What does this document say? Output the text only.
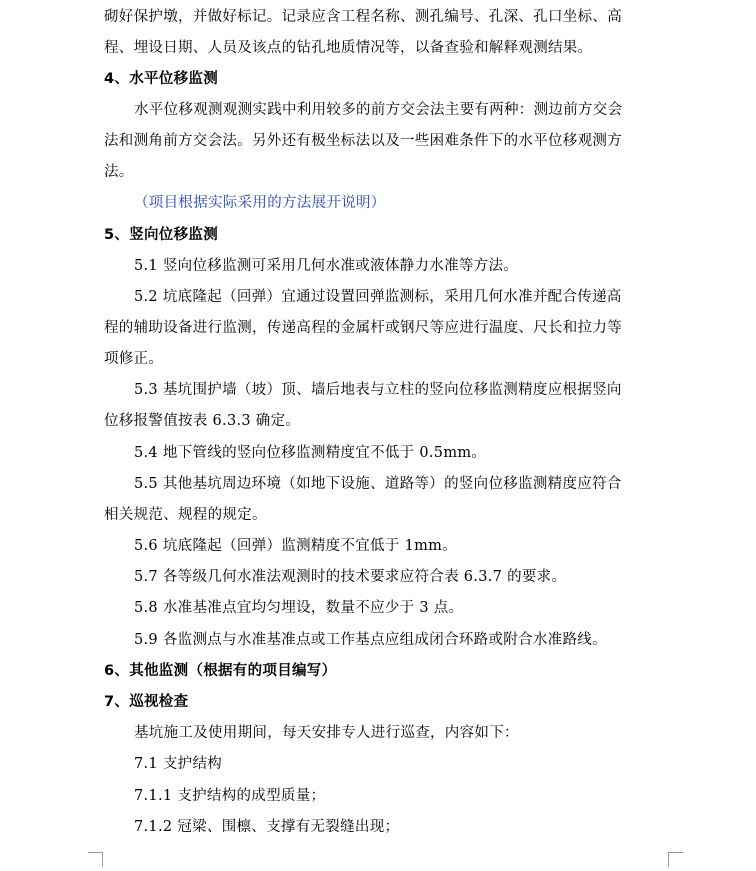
砌好保护墩，并做好标记。记录应含工程名称、测孔编号、孔深、孔口坐标、高
程、埋设日期、人员及该点的钻孔地质情况等，以备查验和解释观测结果。
4、水平位移监测
水平位移观测观测实践中利用较多的前方交会法主要有两种：测边前方交会
法和测角前方交会法。另外还有极坐标法以及一些困难条件下的水平位移观测方
法。
（项目根据实际采用的方法展开说明）
5、竖向位移监测
5.1 竖向位移监测可采用几何水准或液体静力水准等方法。
5.2 坑底隆起（回弹）宜通过设置回弹监测标，采用几何水准并配合传递高
程的辅助设备进行监测，传递高程的金属杆或钢尺等应进行温度、尺长和拉力等
项修正。
5.3 基坑围护墙（坡）顶、墙后地表与立柱的竖向位移监测精度应根据竖向
位移报警值按表 6.3.3 确定。
5.4 地下管线的竖向位移监测精度宜不低于 0.5mm。
5.5 其他基坑周边环境（如地下设施、道路等）的竖向位移监测精度应符合
相关规范、规程的规定。
5.6 坑底隆起（回弹）监测精度不宜低于 1mm。
5.7 各等级几何水准法观测时的技术要求应符合表 6.3.7 的要求。
5.8 水准基准点宜均匀埋设，数量不应少于 3 点。
5.9 各监测点与水准基准点或工作基点应组成闭合环路或附合水准路线。
6、其他监测（根据有的项目编写）
7、巡视检查
基坑施工及使用期间，每天安排专人进行巡查，内容如下：
7.1 支护结构
7.1.1 支护结构的成型质量；
7.1.2 冠梁、围檩、支撑有无裂缝出现；
